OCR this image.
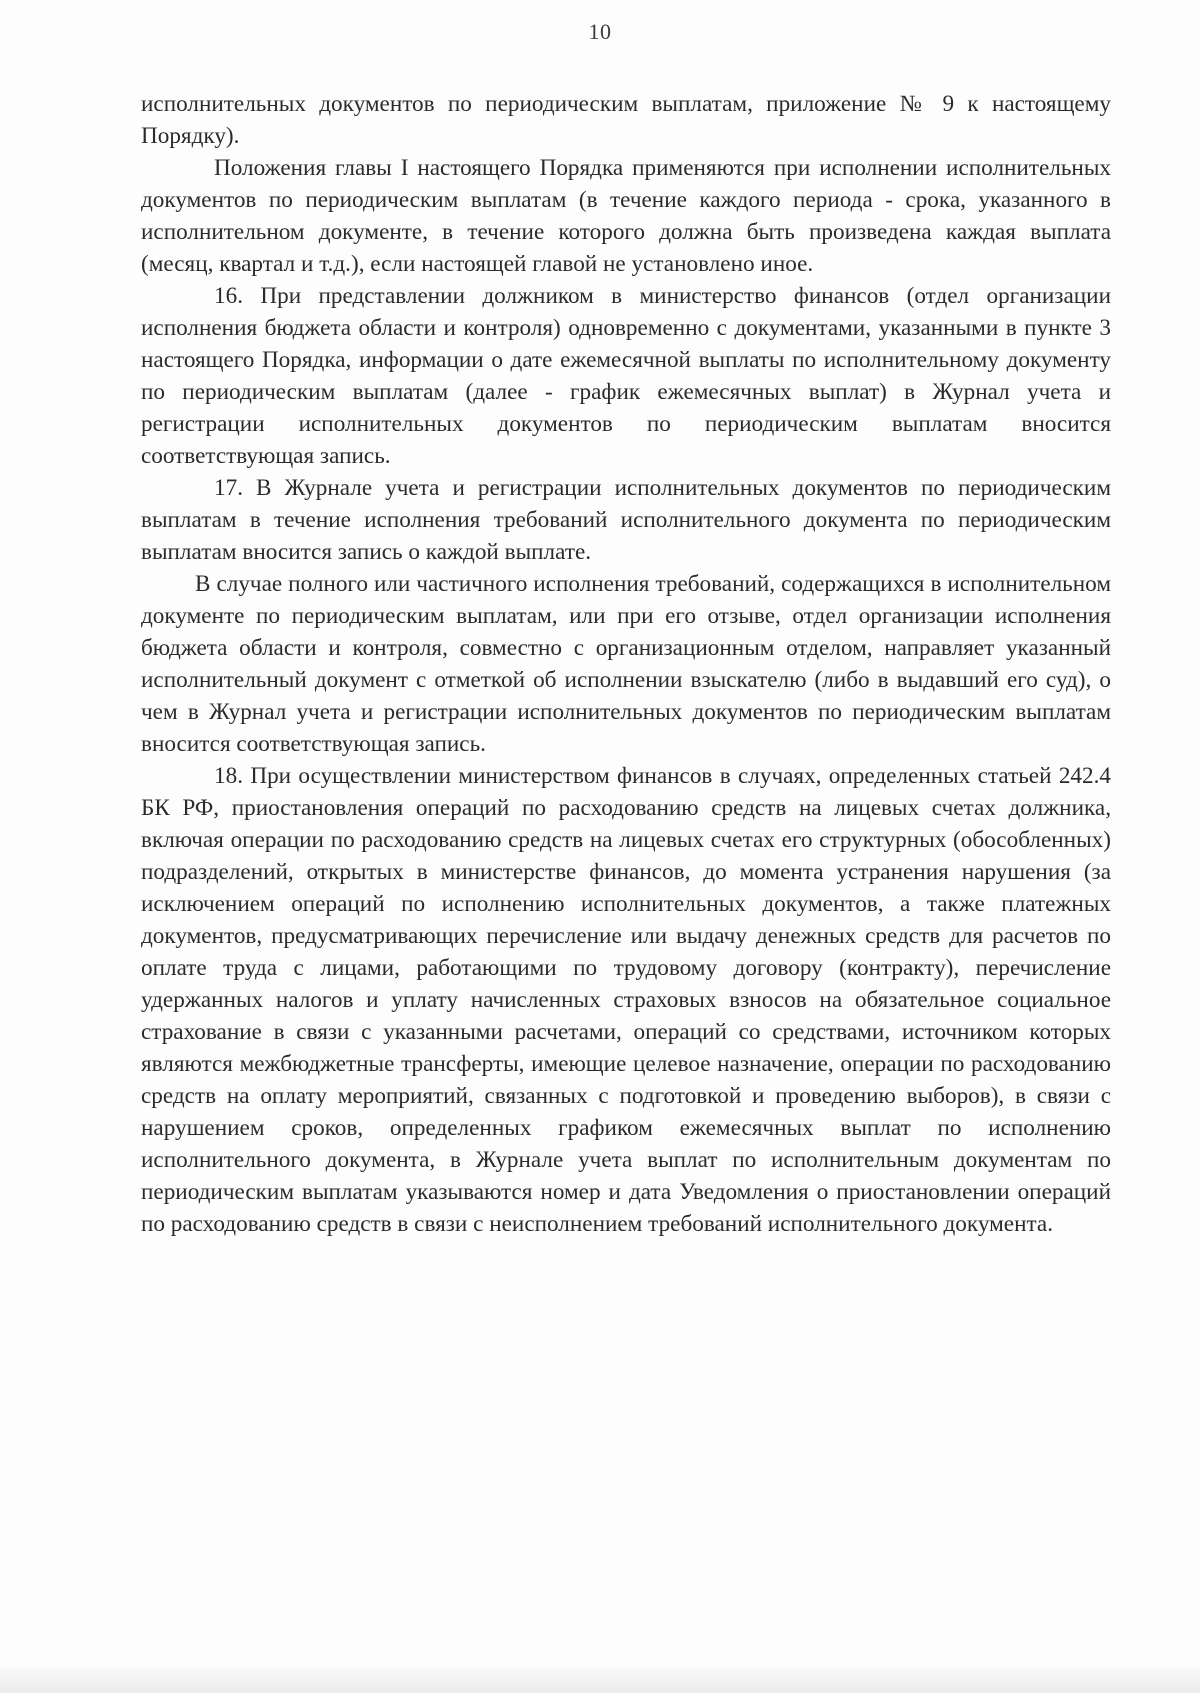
10

исполнительных документов по периодическим выплатам, приложение № 9 к настоящему Порядку).

Положения главы I настоящего Порядка применяются при исполнении исполнительных документов по периодическим выплатам (в течение каждого периода - срока, указанного в исполнительном документе, в течение которого должна быть произведена каждая выплата (месяц, квартал и т.д.), если настоящей главой не установлено иное.

16. При представлении должником в министерство финансов (отдел организации исполнения бюджета области и контроля) одновременно с документами, указанными в пункте 3 настоящего Порядка, информации о дате ежемесячной выплаты по исполнительному документу по периодическим выплатам (далее - график ежемесячных выплат) в Журнал учета и регистрации исполнительных документов по периодическим выплатам вносится соответствующая запись.

17. В Журнале учета и регистрации исполнительных документов по периодическим выплатам в течение исполнения требований исполнительного документа по периодическим выплатам вносится запись о каждой выплате.

В случае полного или частичного исполнения требований, содержащихся в исполнительном документе по периодическим выплатам, или при его отзыве, отдел организации исполнения бюджета области и контроля, совместно с организационным отделом, направляет указанный исполнительный документ с отметкой об исполнении взыскателю (либо в выдавший его суд), о чем в Журнал учета и регистрации исполнительных документов по периодическим выплатам вносится соответствующая запись.

18. При осуществлении министерством финансов в случаях, определенных статьей 242.4 БК РФ, приостановления операций по расходованию средств на лицевых счетах должника, включая операции по расходованию средств на лицевых счетах его структурных (обособленных) подразделений, открытых в министерстве финансов, до момента устранения нарушения (за исключением операций по исполнению исполнительных документов, а также платежных документов, предусматривающих перечисление или выдачу денежных средств для расчетов по оплате труда с лицами, работающими по трудовому договору (контракту), перечисление удержанных налогов и уплату начисленных страховых взносов на обязательное социальное страхование в связи с указанными расчетами, операций со средствами, источником которых являются межбюджетные трансферты, имеющие целевое назначение, операции по расходованию средств на оплату мероприятий, связанных с подготовкой и проведению выборов), в связи с нарушением сроков, определенных графиком ежемесячных выплат по исполнению исполнительного документа, в Журнале учета выплат по исполнительным документам по периодическим выплатам указываются номер и дата Уведомления о приостановлении операций по расходованию средств в связи с неисполнением требований исполнительного документа.
